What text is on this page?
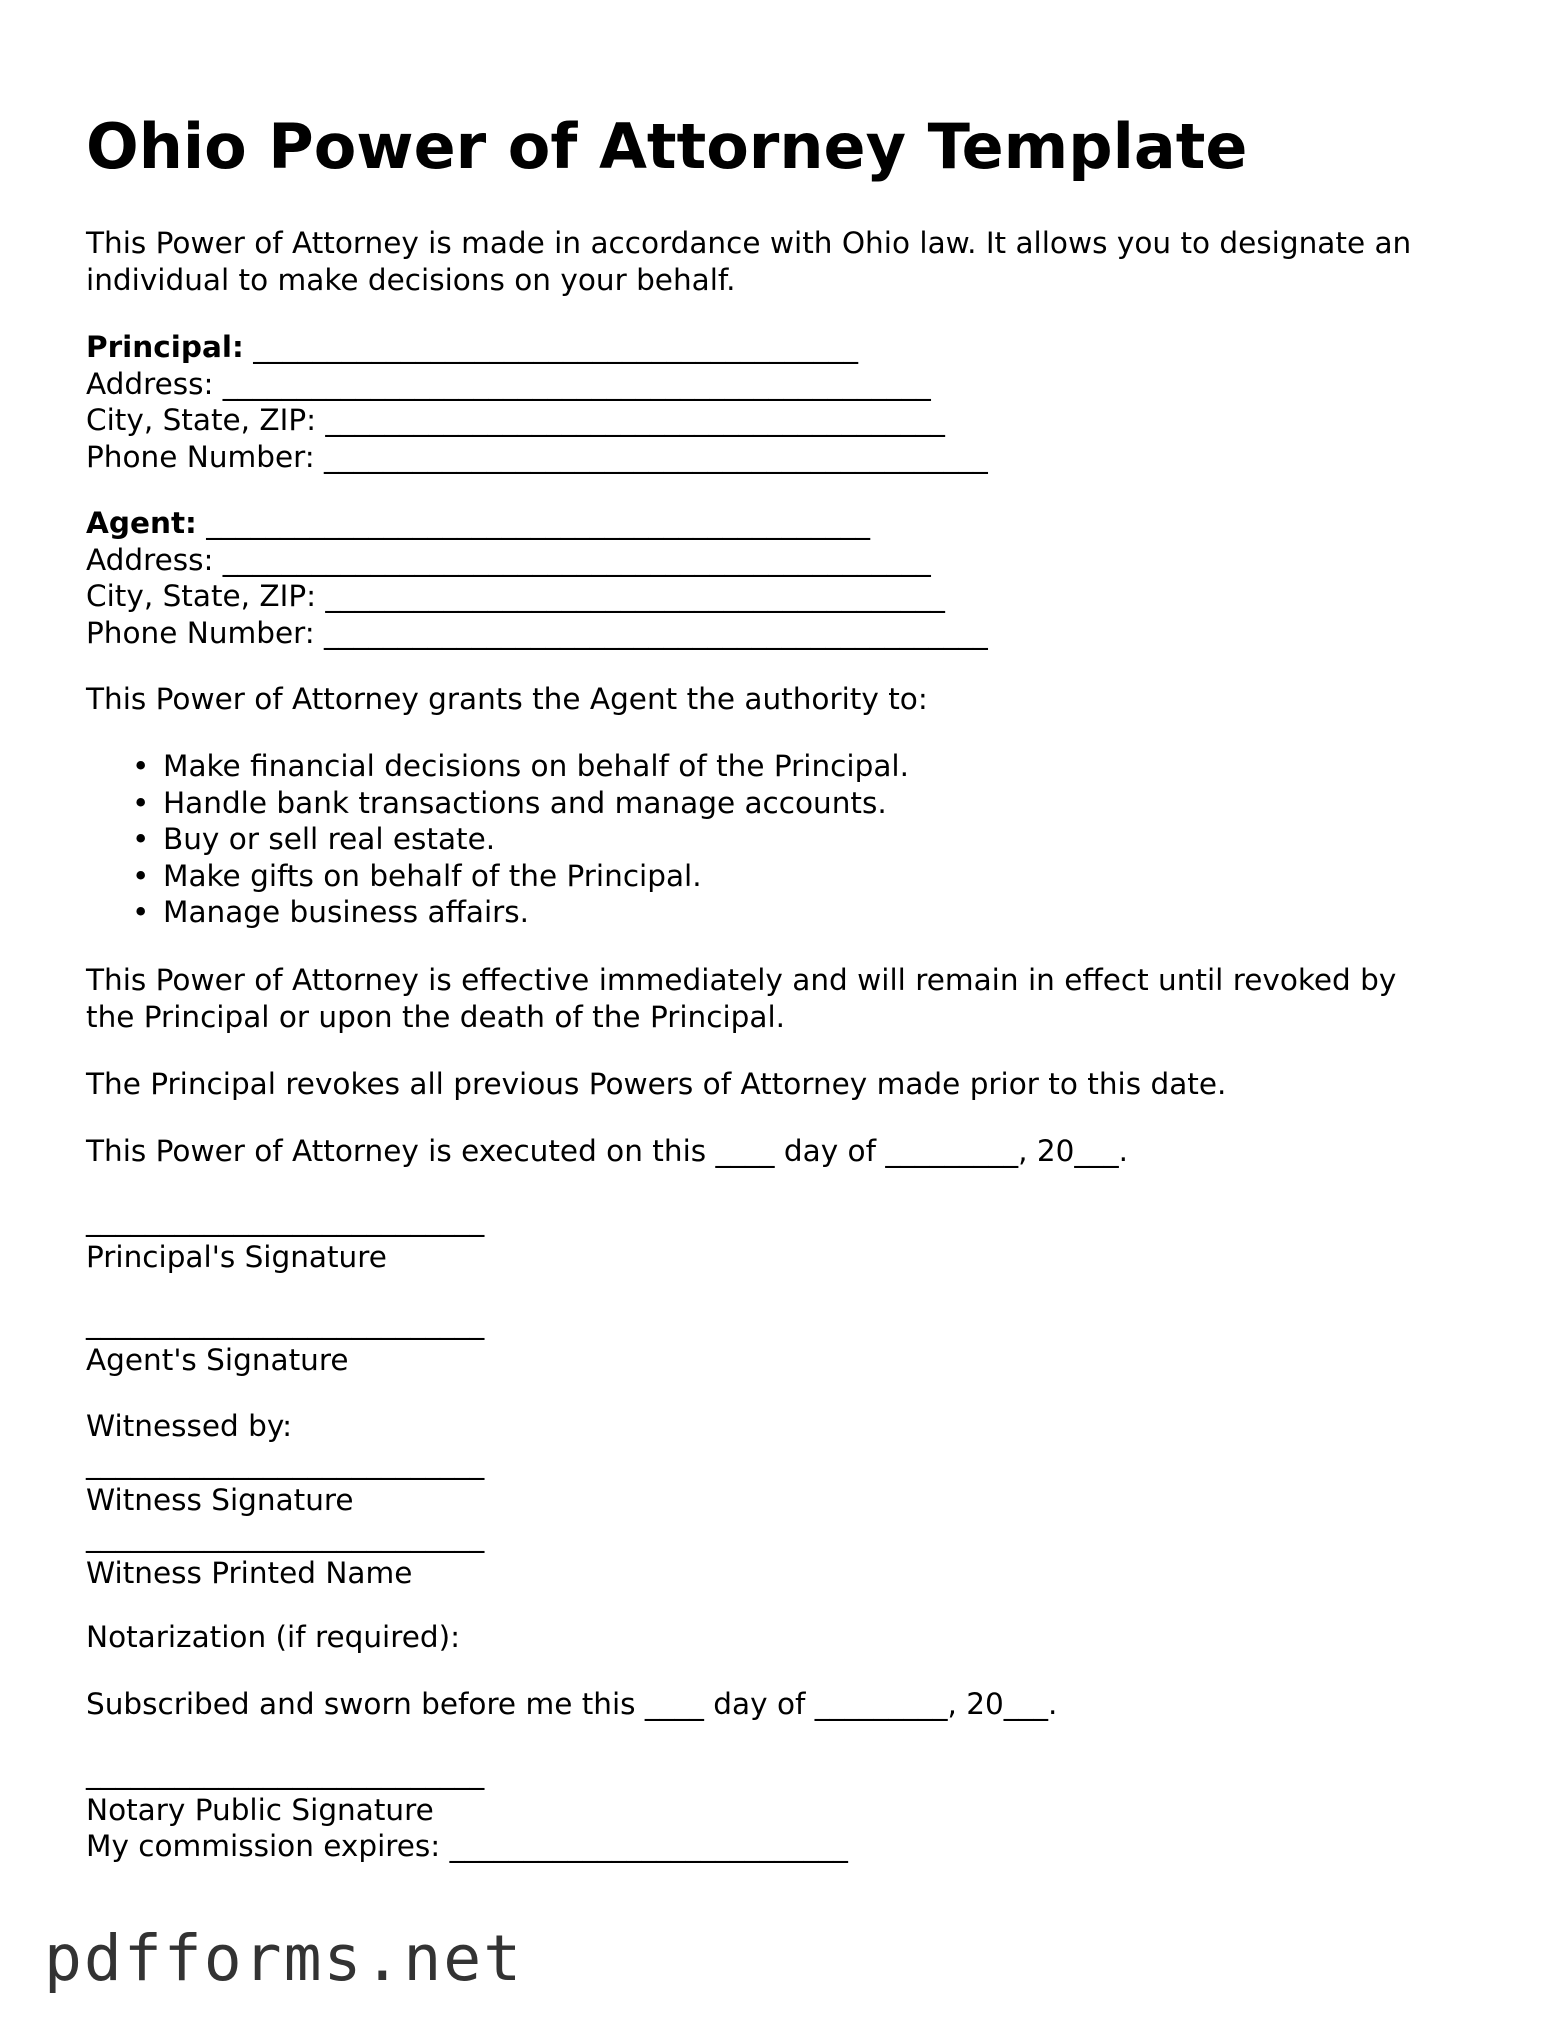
Ohio Power of Attorney Template
This Power of Attorney is made in accordance with Ohio law. It allows you to designate an
individual to make decisions on your behalf.
Principal: _________________________________________
Address: ________________________________________________
City, State, ZIP: __________________________________________
Phone Number: _____________________________________________
Agent: _____________________________________________
Address: ________________________________________________
City, State, ZIP: __________________________________________
Phone Number: _____________________________________________
This Power of Attorney grants the Agent the authority to:
• Make financial decisions on behalf of the Principal.
• Handle bank transactions and manage accounts.
• Buy or sell real estate.
• Make gifts on behalf of the Principal.
• Manage business affairs.
This Power of Attorney is effective immediately and will remain in effect until revoked by
the Principal or upon the death of the Principal.
The Principal revokes all previous Powers of Attorney made prior to this date.
This Power of Attorney is executed on this ____ day of _________, 20___.
___________________________
Principal's Signature
___________________________
Agent's Signature
Witnessed by:
___________________________
Witness Signature
___________________________
Witness Printed Name
Notarization (if required):
Subscribed and sworn before me this ____ day of _________, 20___.
___________________________
Notary Public Signature
My commission expires: ___________________________
pdfforms.net
